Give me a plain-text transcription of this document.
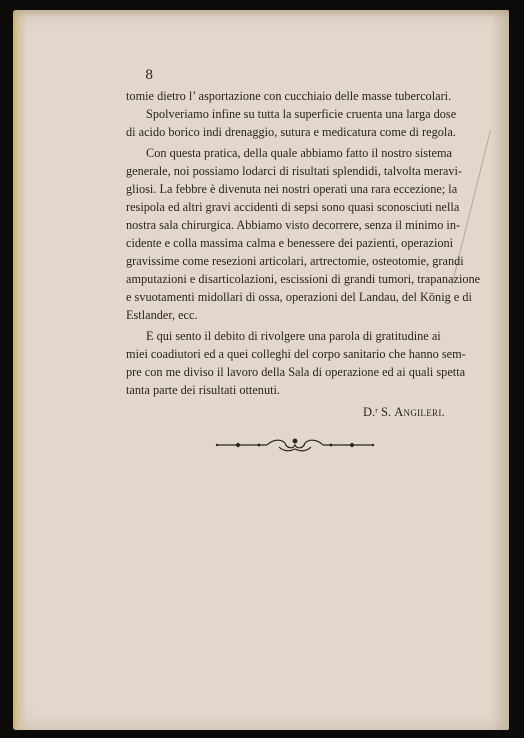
8
tomie dietro l’ asportazione con cucchiaio delle masse tubercolari.
Spolveriamo infine su tutta la superficie cruenta una larga dose
di acido borico indi drenaggio, sutura e medicatura come di regola.
Con questa pratica, della quale abbiamo fatto il nostro sistema
generale, noi possiamo lodarci di risultati splendidi, talvolta meravi-
gliosi. La febbre è divenuta nei nostri operati una rara eccezione; la
resipola ed altri gravi accidenti di sepsi sono quasi sconosciuti nella
nostra sala chirurgica. Abbiamo visto decorrere, senza il minimo in-
cidente e colla massima calma e benessere dei pazienti, operazioni
gravissime come resezioni articolari, artrectomie, osteotomie, grandi
amputazioni e disarticolazioni, escissioni di grandi tumori, trapanazione
e svuotamenti midollari di ossa, operazioni del Landau, del König e di
Estlander, ecc.
E qui sento il debito di rivolgere una parola di gratitudine ai
miei coadiutori ed a quei colleghi del corpo sanitario che hanno sem-
pre con me diviso il lavoro della Sala di operazione ed ai quali spetta
tanta parte dei risultati ottenuti.
D.ʳ S. Angileri.
